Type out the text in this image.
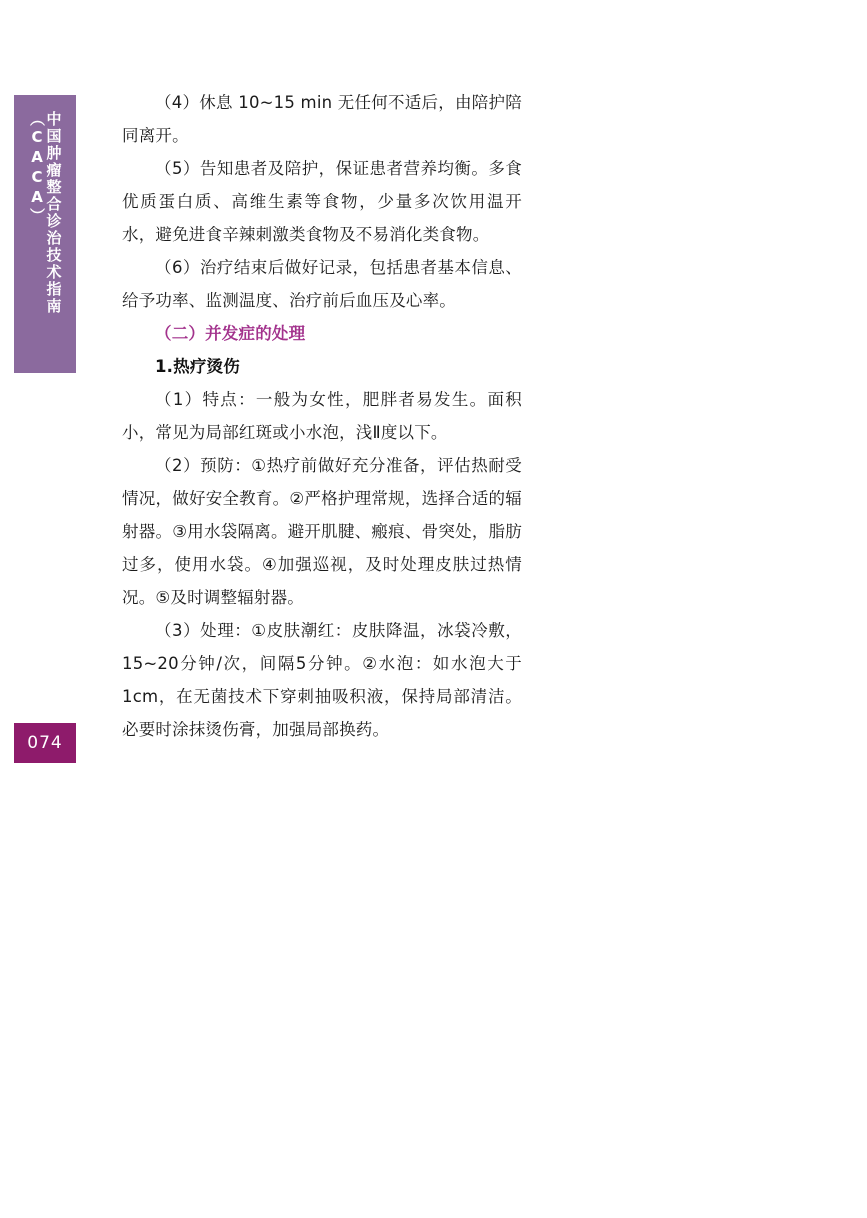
中国肿瘤整合诊治技术指南（CACA）
074

（4）休息 10~15 min 无任何不适后，由陪护陪同离开。

（5）告知患者及陪护，保证患者营养均衡。多食优质蛋白质、高维生素等食物，少量多次饮用温开水，避免进食辛辣刺激类食物及不易消化类食物。

（6）治疗结束后做好记录，包括患者基本信息、给予功率、监测温度、治疗前后血压及心率。

（二）并发症的处理

1.热疗烫伤

（1）特点：一般为女性，肥胖者易发生。面积小，常见为局部红斑或小水泡，浅Ⅱ度以下。

（2）预防：①热疗前做好充分准备，评估热耐受情况，做好安全教育。②严格护理常规，选择合适的辐射器。③用水袋隔离。避开肌腱、瘢痕、骨突处，脂肪过多，使用水袋。④加强巡视，及时处理皮肤过热情况。⑤及时调整辐射器。

（3）处理：①皮肤潮红：皮肤降温，冰袋冷敷，15~20分钟/次，间隔5分钟。②水泡：如水泡大于1cm，在无菌技术下穿刺抽吸积液，保持局部清洁。必要时涂抹烫伤膏，加强局部换药。
